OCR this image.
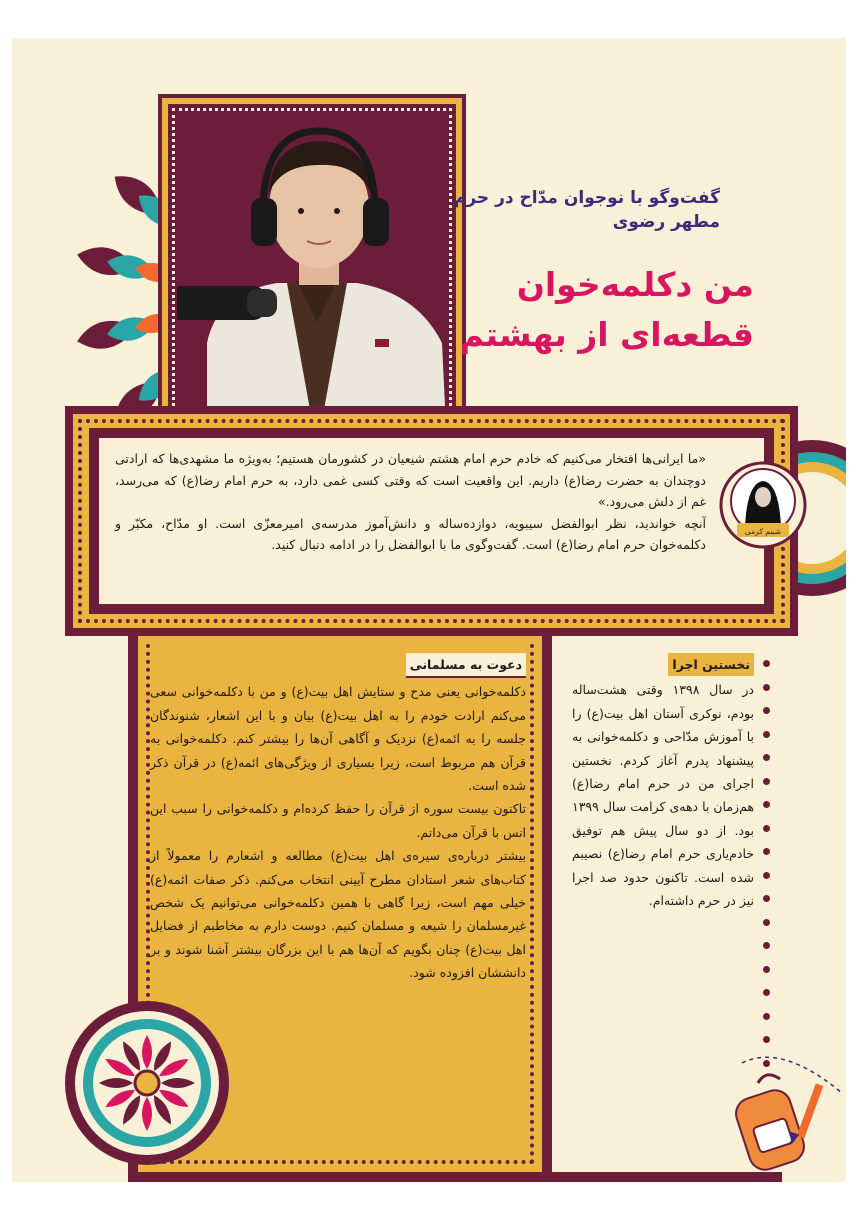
گفت‌وگو با نوجوان مدّاح در حرم مطهر رضوی
من دکلمه‌خوان قطعه‌ای از بهشتم

«ما ایرانی‌ها افتخار می‌کنیم که خادم حرم امام هشتم شیعیان در کشورمان هستیم؛ به‌ویژه ما مشهدی‌ها که ارادتی دوچندان به حضرت رضا(ع) داریم. این واقعیت است که وقتی کسی غمی دارد، به حرم امام رضا(ع) که می‌رسد، غم از دلش می‌رود.»

آنچه خواندید، نظر ابوالفضل سیبویه، دوازده‌ساله و دانش‌آموز مدرسه‌ی امیرمعزّی است. او مدّاح، مکبّر و دکلمه‌خوان حرم امام رضا(ع) است. گفت‌وگوی ما با ابوالفضل را در ادامه دنبال کنید.

شبنم کرمی
دعوت به مسلمانی

دکلمه‌خوانی یعنی مدح و ستایش اهل بیت(ع) و من با دکلمه‌خوانی سعی می‌کنم ارادت خودم را به اهل بیت(ع) بیان و با این اشعار، شنوندگان جلسه را به ائمه(ع) نزدیک و آگاهی آن‌ها را بیشتر کنم. دکلمه‌خوانی به قرآن هم مربوط است، زیرا بسیاری از ویژگی‌های ائمه(ع) در قرآن ذکر شده است.

تاکنون بیست سوره از قرآن را حفظ کرده‌ام و دکلمه‌خوانی را سبب این انس با قرآن می‌دانم.

بیشتر درباره‌ی سیره‌ی اهل بیت(ع) مطالعه و اشعارم را معمولاً از کتاب‌های شعر استادان مطرح آیینی انتخاب می‌کنم. ذکر صفات ائمه(ع) خیلی مهم است، زیرا گاهی با همین دکلمه‌خوانی می‌توانیم یک شخص غیرمسلمان را شیعه و مسلمان کنیم. دوست دارم به مخاطبم از فضایل اهل بیت(ع) چنان بگویم که آن‌ها هم با این بزرگان بیشتر آشنا شوند و بر دانششان افزوده شود.

نخستین اجرا

در سال ۱۳۹۸ وقتی هشت‌ساله بودم، نوکری آستان اهل بیت(ع) را با آموزش مدّاحی و دکلمه‌خوانی به پیشنهاد پدرم آغاز کردم. نخستین اجرای من در حرم امام رضا(ع) هم‌زمان با دهه‌ی کرامت سال ۱۳۹۹ بود. از دو سال پیش هم توفیق خادم‌یاری حرم امام رضا(ع) نصیبم شده است. تاکنون حدود صد اجرا نیز در حرم داشته‌ام.
